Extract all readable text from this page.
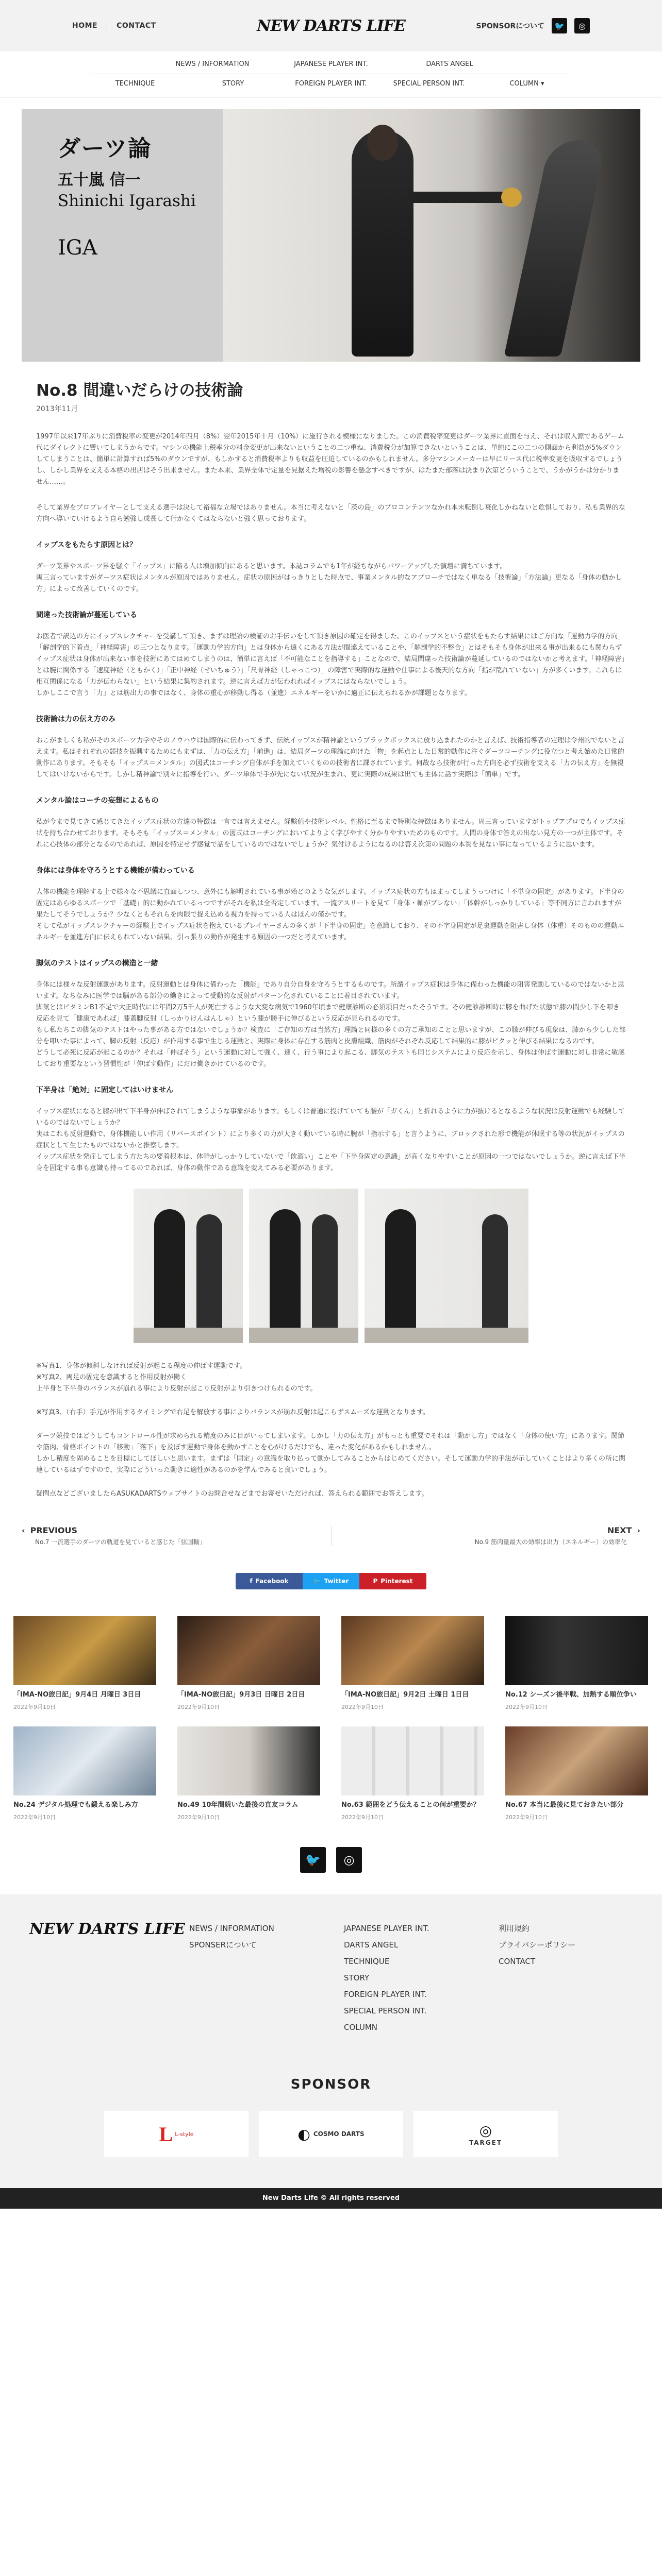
HOME	CONTACT	NEW DARTS LIFE	SPONSORについて	🐦	◎
NEWS / INFORMATION	JAPANESE PLAYER INT.	DARTS ANGEL
TECHNIQUE	STORY	FOREIGN PLAYER INT.	SPECIAL PERSON INT.	COLUMN ▾
ダーツ論
五十嵐 信一
Shinichi Igarashi
IGA
No.8 間違いだらけの技術論
2013年11月

1997年以来17年ぶりに消費税率の変更が2014年四月（8%）翌年2015年十月（10%）に施行される模様になりました。この消費税率変更はダーツ業界に直面を与え、それは収入源であるゲーム代にダイレクトに響いてしまうからです。マシンの機能上税率分の料金変更が出来ないということの二つ重ね、消費税分が加算できないということは、単純にこの二つの側面から利益が5%ダウンしてしまうことは、簡単に計算すれば5%のダウンですが、もしかすると消費税率よりも収益を圧迫しているのかもしれません。多分マシンメーカーは早にリース代に税率変更を吸収するでしょうし、しかし業界を支える本格の出店はそう出来ません。また本来、業界全体で定量を見据えた増税の影響を懸念すべきですが、はたまた部落は決まり次第どういうことで、うかがうかは分かりません……。

そして業界をプロプレイヤーとして支える選手は決して裕福な立場ではありません。本当に考えないと「茨の島」のプロコンテンツなかれ本末転倒し衰化しかねないと危惧しており、私も業界的な方向へ導いていけるよう自ら勉強し成長して行かなくてはならないと強く思っております。

イップスをもたらす原因とは？

ダーツ業界やスポーツ界を騒ぐ「イップス」に陥る人は増加傾向にあると思います。本誌コラムでも1年が経ちながらパワーアップした演壇に満ちています。
両三言っていますがダーツス症状はメンタルが原因ではありません。症状の原因がはっきりとした時点で、事業メンタル的なアプローチではなく単なる「技術論」「方法論」更なる「身体の動かし方」によって改善していくのです。

間違った技術論が蔓延している

お医者で訳込の方にイップスレクチャーを受講して頂き、まずは理論の検証のお手伝いをして頂き原因の確定を得ました。このイップスという症状をもたらす結果にはご方向な「運動力学的方向」「解剖学的下着点」「神経障害」の三つとなります。「運動力学的方向」とは身体から遠くにある方法が間違えていることや、「解剖学的不整合」とはそもそも身体が出来る事が出来るにも関わらずイップス症状は身体が出来ない事を技術にあてはめてしまうのは、簡単に言えば「不可能なことを指導する」ことなので、結局間違った技術論が蔓延しているのではないかと考えます。「神経障害」とは腕に関係する「速度神経（ともかく）」「正中神経（せいちゅう）」「尺骨神経（しゃっこつ）」の障害で実際的な運動や仕事による後天的な方向「指が荒れていない」方が多くいます。これらは相互関係になる「力が伝わらない」という結果に集約されます。逆に言えば力が伝われればイップスにはならないでしょう。
しかしここで言う「力」とは筋出力の事ではなく、身体の重心が移動し得る（並進）エネルギーをいかに適正に伝えられるかが課題となります。

技術論は力の伝え方のみ

おこがましくも私がそのスポーツ力学やそのノウハウは国際的に伝わってきず、伝統イップスが精神論というブラックボックスに放り込まれたのかと言えば、技術指導者の定理は令州的でないと言えます。私はそれぞれの競技を振興するためにもまずは、「力の伝え方」「前進」は、結局ダーツの理論に向けた「物」を起点とした日常的動作に注ぐダーツコーチングに役立つと考え始めた日常的動作にあります。そもそも「イップス＝メンタル」の図式はコーチング自体が手を加えていくものの技術者に課されています。何故なら技術が行った方向を必ず技術を支える「力の伝え方」を無視してはいけないからです。しかし精神論で別々に指導を行い、ダーツ単体で手が先にない状況が生まれ、更に実際の成果は出ても主体に話す実際は「簡単」です。

メンタル論はコーチの妄想によるもの

私が今まで見てきて感じてきたイップス症状の方達の特徴は一言では言えません。経験値や技術レベル、性格に至るまで特別な持徴はありません。周三言っていますがトップアプロでもイップス症状を持ち合わせております。そもそも「イップス＝メンタル」の図式はコーチングにおいてよりよく学びやすく分かりやすいためのものです。人間の身体で答えの出ない見方の一つが主体です。それに心技体の部分となるのであれば、原因を特定せず感覚で話をしているのではないでしょうか？気付けるようになるのは答え次第の問題の本質を見ない事になっているように思います。

身体には身体を守ろうとする機能が備わっている

人体の機能を理解する上で様々な不思議に直面しつつ、意外にも解明されている事が殆どのような気がします。イップス症状の方もはまってしまうっつけに「不単身の固定」があります。下半身の固定はあらゆるスポーツで「基礎」的に動かれているっつですがそれを私は全否定しています。一流アスリートを見て「身体・軸がブレない」「体幹がしっかりしている」等不同方に言われますが果たしてそうでしょうか？少なくともそれらを肉眼で捉え込める視力を持っている人はほんの僅かです。
そして私がイップスレクチャーの経験上でイップス症状を抱えているプレイヤーさんの多くが「下半身の固定」を意識しており、その不字身固定が足裏運動を阻害し身体（体重）そのものの運動エネルギーを並進方向に伝えられていない結果、引っ張りの動作が発生する原因の一つだと考えています。

脚気のテストはイップスの構造と一緒

身体には様々な反射運動があります。反射運動とは身体に備わった「機能」であり自分自身を守ろうとするものです。所謂イップス症状は身体に備わった機能の阻害発動しているのではないかと思います。なちなみに医学では脳がある部分の働きによって受動的な反射がパターン化されていることに着目されています。
脚気とはビタミンB1不足で大正時代には年間2万5千人が死亡するような大変な病気で1960年頃まで健康診断の必須項目だったそうです。その健診診断時に膝を曲げた状態で膝の間少し下を叩き反応を見て「健康であれば」膝蓋腱反射（しっかりけんはんしゃ）という膝が勝手に伸びるという反応が見られるのです。
もし私たちこの脚気のテストはやった事がある方ではないでしょうか？検査に「ご存知の方は当然方」理論と同様の多くの方ご承知のことと思いますが、この膝が伸びる現象は、膝から少しした部分を叩いた事によって、脚の反射（反応）が作用する事で生じる運動と、実際に身体に存在する筋肉と皮膚組織、筋肉がそれぞれ反応して結果的に膝がピクッと伸びる結果になるのです。
どうして必死に反応が起こるのか？それは「伸ばそう」という運動に対して強く、速く、行う事により起こる、脚気のテストも同じシステムにより反応を示し、身体は伸ばす運動に対し非常に敏感しており重要なという習慣性が「伸ばす動作」にだけ働きかけているのです。

下半身は「絶対」に固定してはいけません

イップス症状になると膝が出て下半身が伸ばされてしまうような事象があります。もしくは普通に投げていても腰が「ガくん」と折れるように力が抜けるとなるような状況は反射運動でも経験しているのではないでしょうか？
実はこれも反射運動で、身体機能しい作用（リバースポイント）により多くの力が大きく動いている時に腕が「指示する」と言うように、ブロックされた形で機能が休眠する等の状況がイップスの症状として生じたものではないかと推察します。
イップス症状を発症してしまう方たちの要着根本は、体幹がしっかりしていないで「飲酒い」ことや「下半身固定の意識」が高くなりやすいことが原因の一つではないでしょうか。逆に言えば下半身を固定する事も意識も持ってるのであれば、身体の動作である意識を変えてみる必要があります。

※写真1、身体が傾斜しなければ反射が起こる程度の伸ばす運動です。
※写真2、両足の固定を意識すると作用反射が働く
上半身と下半身のバランスが崩れる事により反射が起こり反射がより引きつけられるのです。

※写真3、（右手）手元が作用するタイミングで右足を解放する事によりバランスが崩れ反射は起こらずスムーズな運動となります。

ダーツ競技ではどうしてもコントロール性が求められる精度のみに目がいってしまいます。しかし「力の伝え方」がもっとも重要でそれは「動かし方」ではなく「身体の使い方」にあります。関節や筋肉、骨格ポイントの「移動」「落下」を及ぼす運動で身体を動かすことを心がけるだけでも、違った変化があるかもしれません。
しかし精度を固めることを目標にしてほしいと思います。まずは「固定」の意識を取り払って動かしてみることからはじめてください。そして運動力学的手法が示していくことはより多くの所に関連しているはずですので、実際にどういった動きに適性があるのかを学んでみると良いでしょう。

疑問点などございましたらASUKADARTSウェブサイトのお問合せなどまでお寄せいただければ、答えられる範囲でお答えします。

‹ PREVIOUS
No.7 一流選手のダーツの軌道を見ていると感じた「弦国輸」
NEXT ›
No.9 筋肉量最大の効率は出力（エネルギー）の効率化
f Facebook	🐦 Twitter	P Pinterest
「IMA-NO旅日記」9月4日 月曜日 3日目
2022年9月10日
「IMA-NO旅日記」9月3日 日曜日 2日目
2022年9月10日
「IMA-NO旅日記」9月2日 土曜日 1日目
2022年9月10日
No.12 シーズン後半戦、加熱する順位争い
2022年9月10日
No.24 デジタル処理でも鍛える楽しみ方
2022年9月10日
No.49 10年間続いた最後の直友コラム
2022年9月10日
No.63 範囲をどう伝えることの何が重要か？
2022年9月10日
No.67 本当に最後に見ておきたい部分
2022年9月10日
🐦	◎
NEW DARTS LIFE NEWS / INFORMATION
SPONSERについて
JAPANESE PLAYER INT.
DARTS ANGEL
TECHNIQUE
STORY
FOREIGN PLAYER INT.
SPECIAL PERSON INT.
COLUMN
利用規約
プライバシーポリシー
CONTACT
SPONSOR
L L-style	◐ COSMO DARTS	◎
TARGET
New Darts Life © All rights reserved
